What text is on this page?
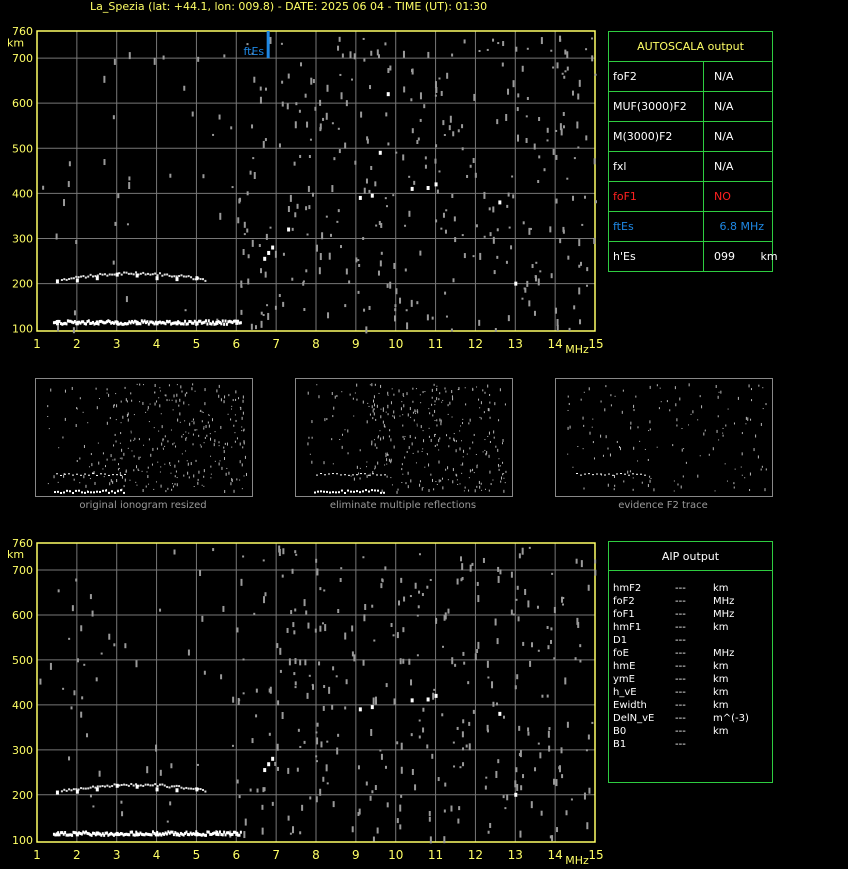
La_Spezia (lat: +44.1, lon: 009.8) - DATE: 2025 06 04 - TIME (UT): 01:30
ftEs
100
200
300
400
500
600
700
760
km
1	2	3	4	5	6	7	8	9 10 11 12 13 14 15
MHz
original ionogram resized	eliminate multiple reflections	evidence F2 trace
100
200
300
400
500
600
700
760
km
1	2	3	4	5	6	7	8	9 10 11 12 13 14 15
MHz
AUTOSCALA output	
foF2	N/A
MUF(3000)F2	N/A
M(3000)F2	N/A
fxl	N/A
foF1	NO
ftEs	6.8 MHz
h'Es	099 km
AIP output
hmF2	---	km
foF2	---	MHz
foF1	---	MHz
hmF1	---	km
D1	---
foE	---	MHz
hmE	---	km
ymE	---	km
h_vE	---	km
Ewidth	---	km
DelN_vE ---	m^(-3)
B0	---	km
B1	---
